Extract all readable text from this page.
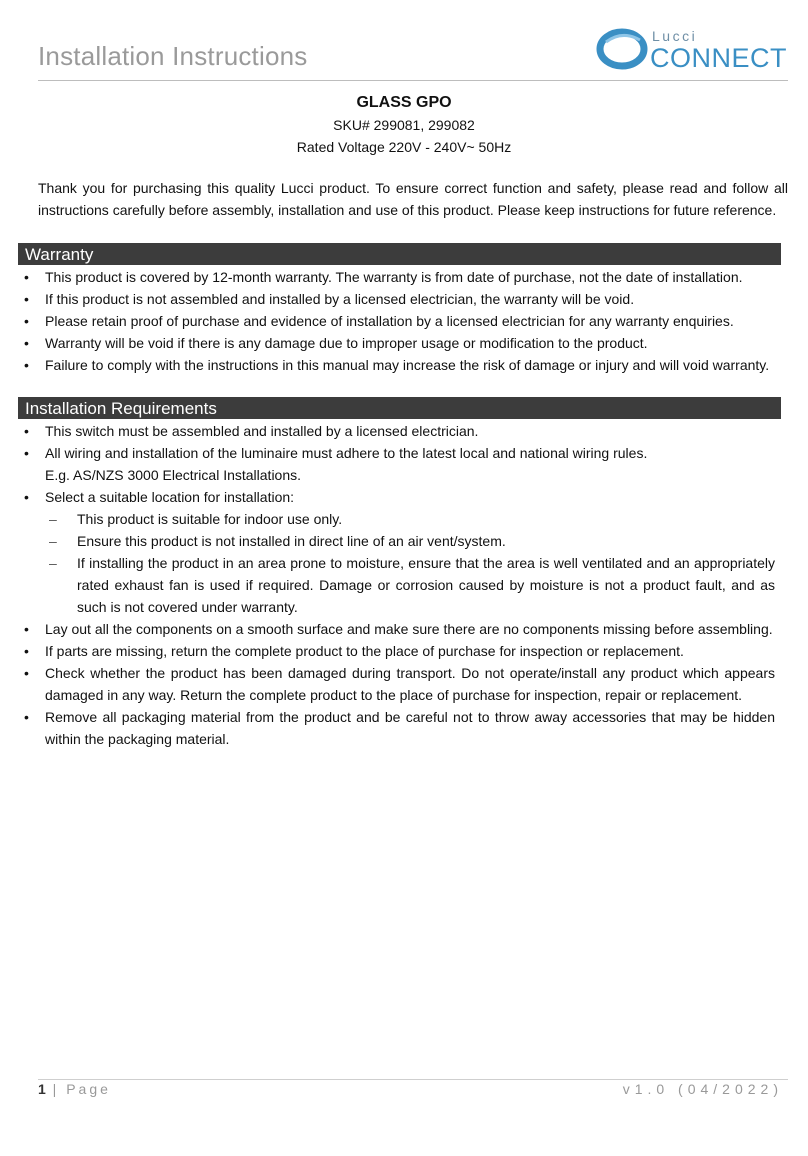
Installation Instructions
Lucci
CONNECT
GLASS GPO
SKU# 299081, 299082
Rated Voltage 220V - 240V~ 50Hz
Thank you for purchasing this quality Lucci product. To ensure correct function and safety, please read and follow all instructions carefully before assembly, installation and use of this product. Please keep instructions for future reference.
Warranty
• This product is covered by 12-month warranty. The warranty is from date of purchase, not the date of installation.
• If this product is not assembled and installed by a licensed electrician, the warranty will be void.
• Please retain proof of purchase and evidence of installation by a licensed electrician for any warranty enquiries.
• Warranty will be void if there is any damage due to improper usage or modification to the product.
• Failure to comply with the instructions in this manual may increase the risk of damage or injury and will void warranty.
Installation Requirements
• This switch must be assembled and installed by a licensed electrician.
• All wiring and installation of the luminaire must adhere to the latest local and national wiring rules.
E.g. AS/NZS 3000 Electrical Installations.
• Select a suitable location for installation:
– This product is suitable for indoor use only.
– Ensure this product is not installed in direct line of an air vent/system.
– If installing the product in an area prone to moisture, ensure that the area is well ventilated and an appropriately rated exhaust fan is used if required. Damage or corrosion caused by moisture is not a product fault, and as such is not covered under warranty.
• Lay out all the components on a smooth surface and make sure there are no components missing before assembling.
• If parts are missing, return the complete product to the place of purchase for inspection or replacement.
• Check whether the product has been damaged during transport. Do not operate/install any product which appears damaged in any way. Return the complete product to the place of purchase for inspection, repair or replacement.
• Remove all packaging material from the product and be careful not to throw away accessories that may be hidden within the packaging material.
1 | Page	v1.0 (04/2022)
